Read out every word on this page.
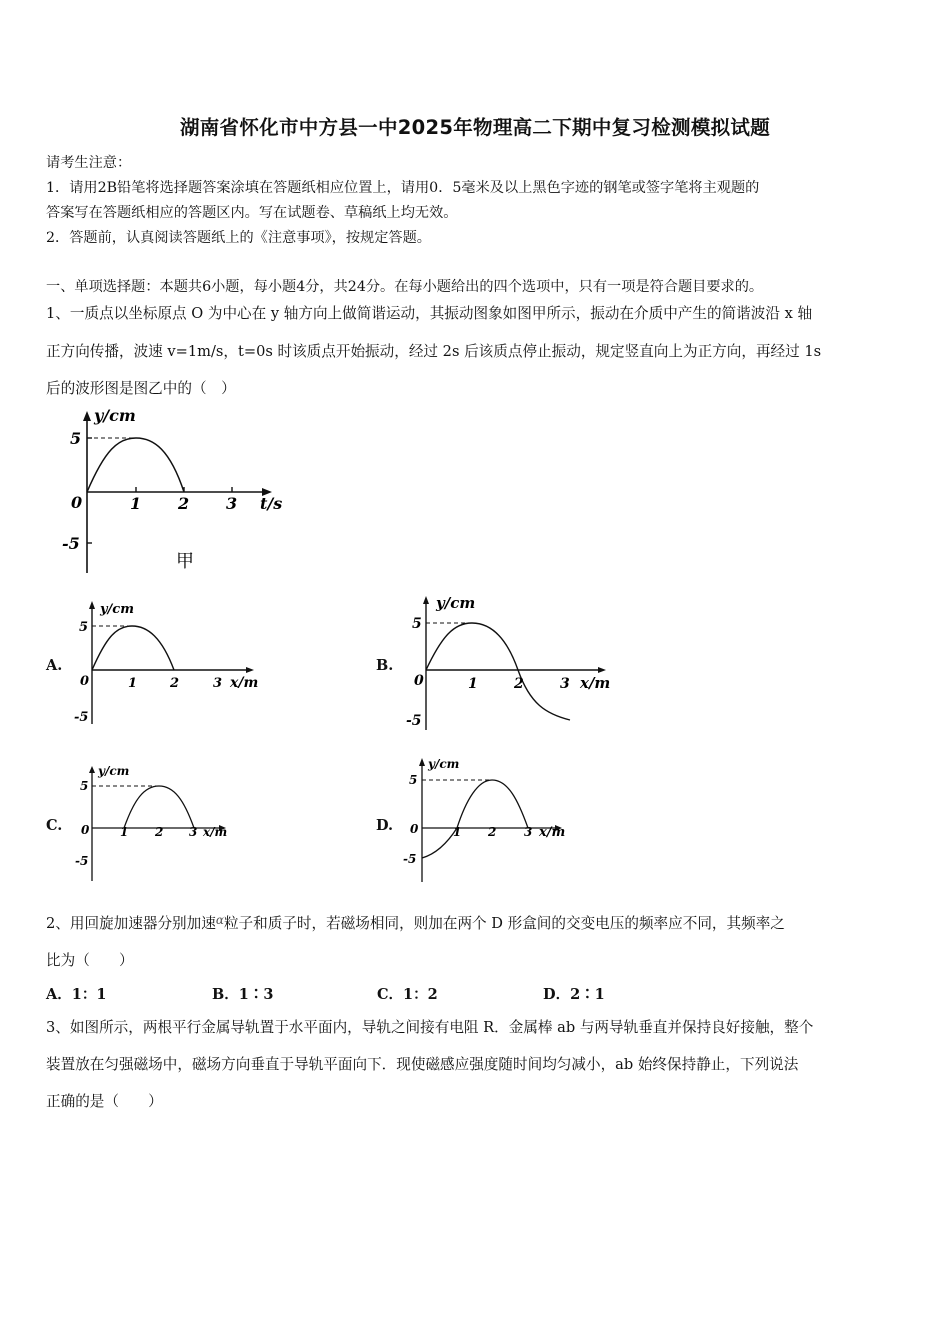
湖南省怀化市中方县一中2025年物理高二下期中复习检测模拟试题
请考生注意：
1．请用2B铅笔将选择题答案涂填在答题纸相应位置上，请用0．5毫米及以上黑色字迹的钢笔或签字笔将主观题的
答案写在答题纸相应的答题区内。写在试题卷、草稿纸上均无效。
2．答题前，认真阅读答题纸上的《注意事项》，按规定答题。
一、单项选择题：本题共6小题，每小题4分，共24分。在每小题给出的四个选项中，只有一项是符合题目要求的。
1、一质点以坐标原点 O 为中心在 y 轴方向上做简谐运动，其振动图象如图甲所示，振动在介质中产生的简谐波沿 x 轴
正方向传播，波速 v=1m/s，t=0s 时该质点开始振动，经过 2s 后该质点停止振动，规定竖直向上为正方向，再经过 1s
后的波形图是图乙中的（　）
y/cm
t/s
5
0
-5
1 2 3
甲
A.
y/cm
x/m
5
0
-5
1	2	3
B.
y/cm
x/m
5
0
-5
1	2	3
C.
y/cm
x/m
5
0
-5
1 2 3	D.
y/cm
x/m
5
0
-5
1 2 3
2、用回旋加速器分别加速$^\alpha$粒子和质子时，若磁场相同，则加在两个 D 形盒间的交变电压的频率应不同，其频率之
比为（　　）
A．1：1	B．1∶3	C．1：2	D．2∶1
3、如图所示，两根平行金属导轨置于水平面内，导轨之间接有电阻 R．金属棒 ab 与两导轨垂直并保持良好接触，整个
装置放在匀强磁场中，磁场方向垂直于导轨平面向下．现使磁感应强度随时间均匀减小，ab 始终保持静止，下列说法
正确的是（　　）
